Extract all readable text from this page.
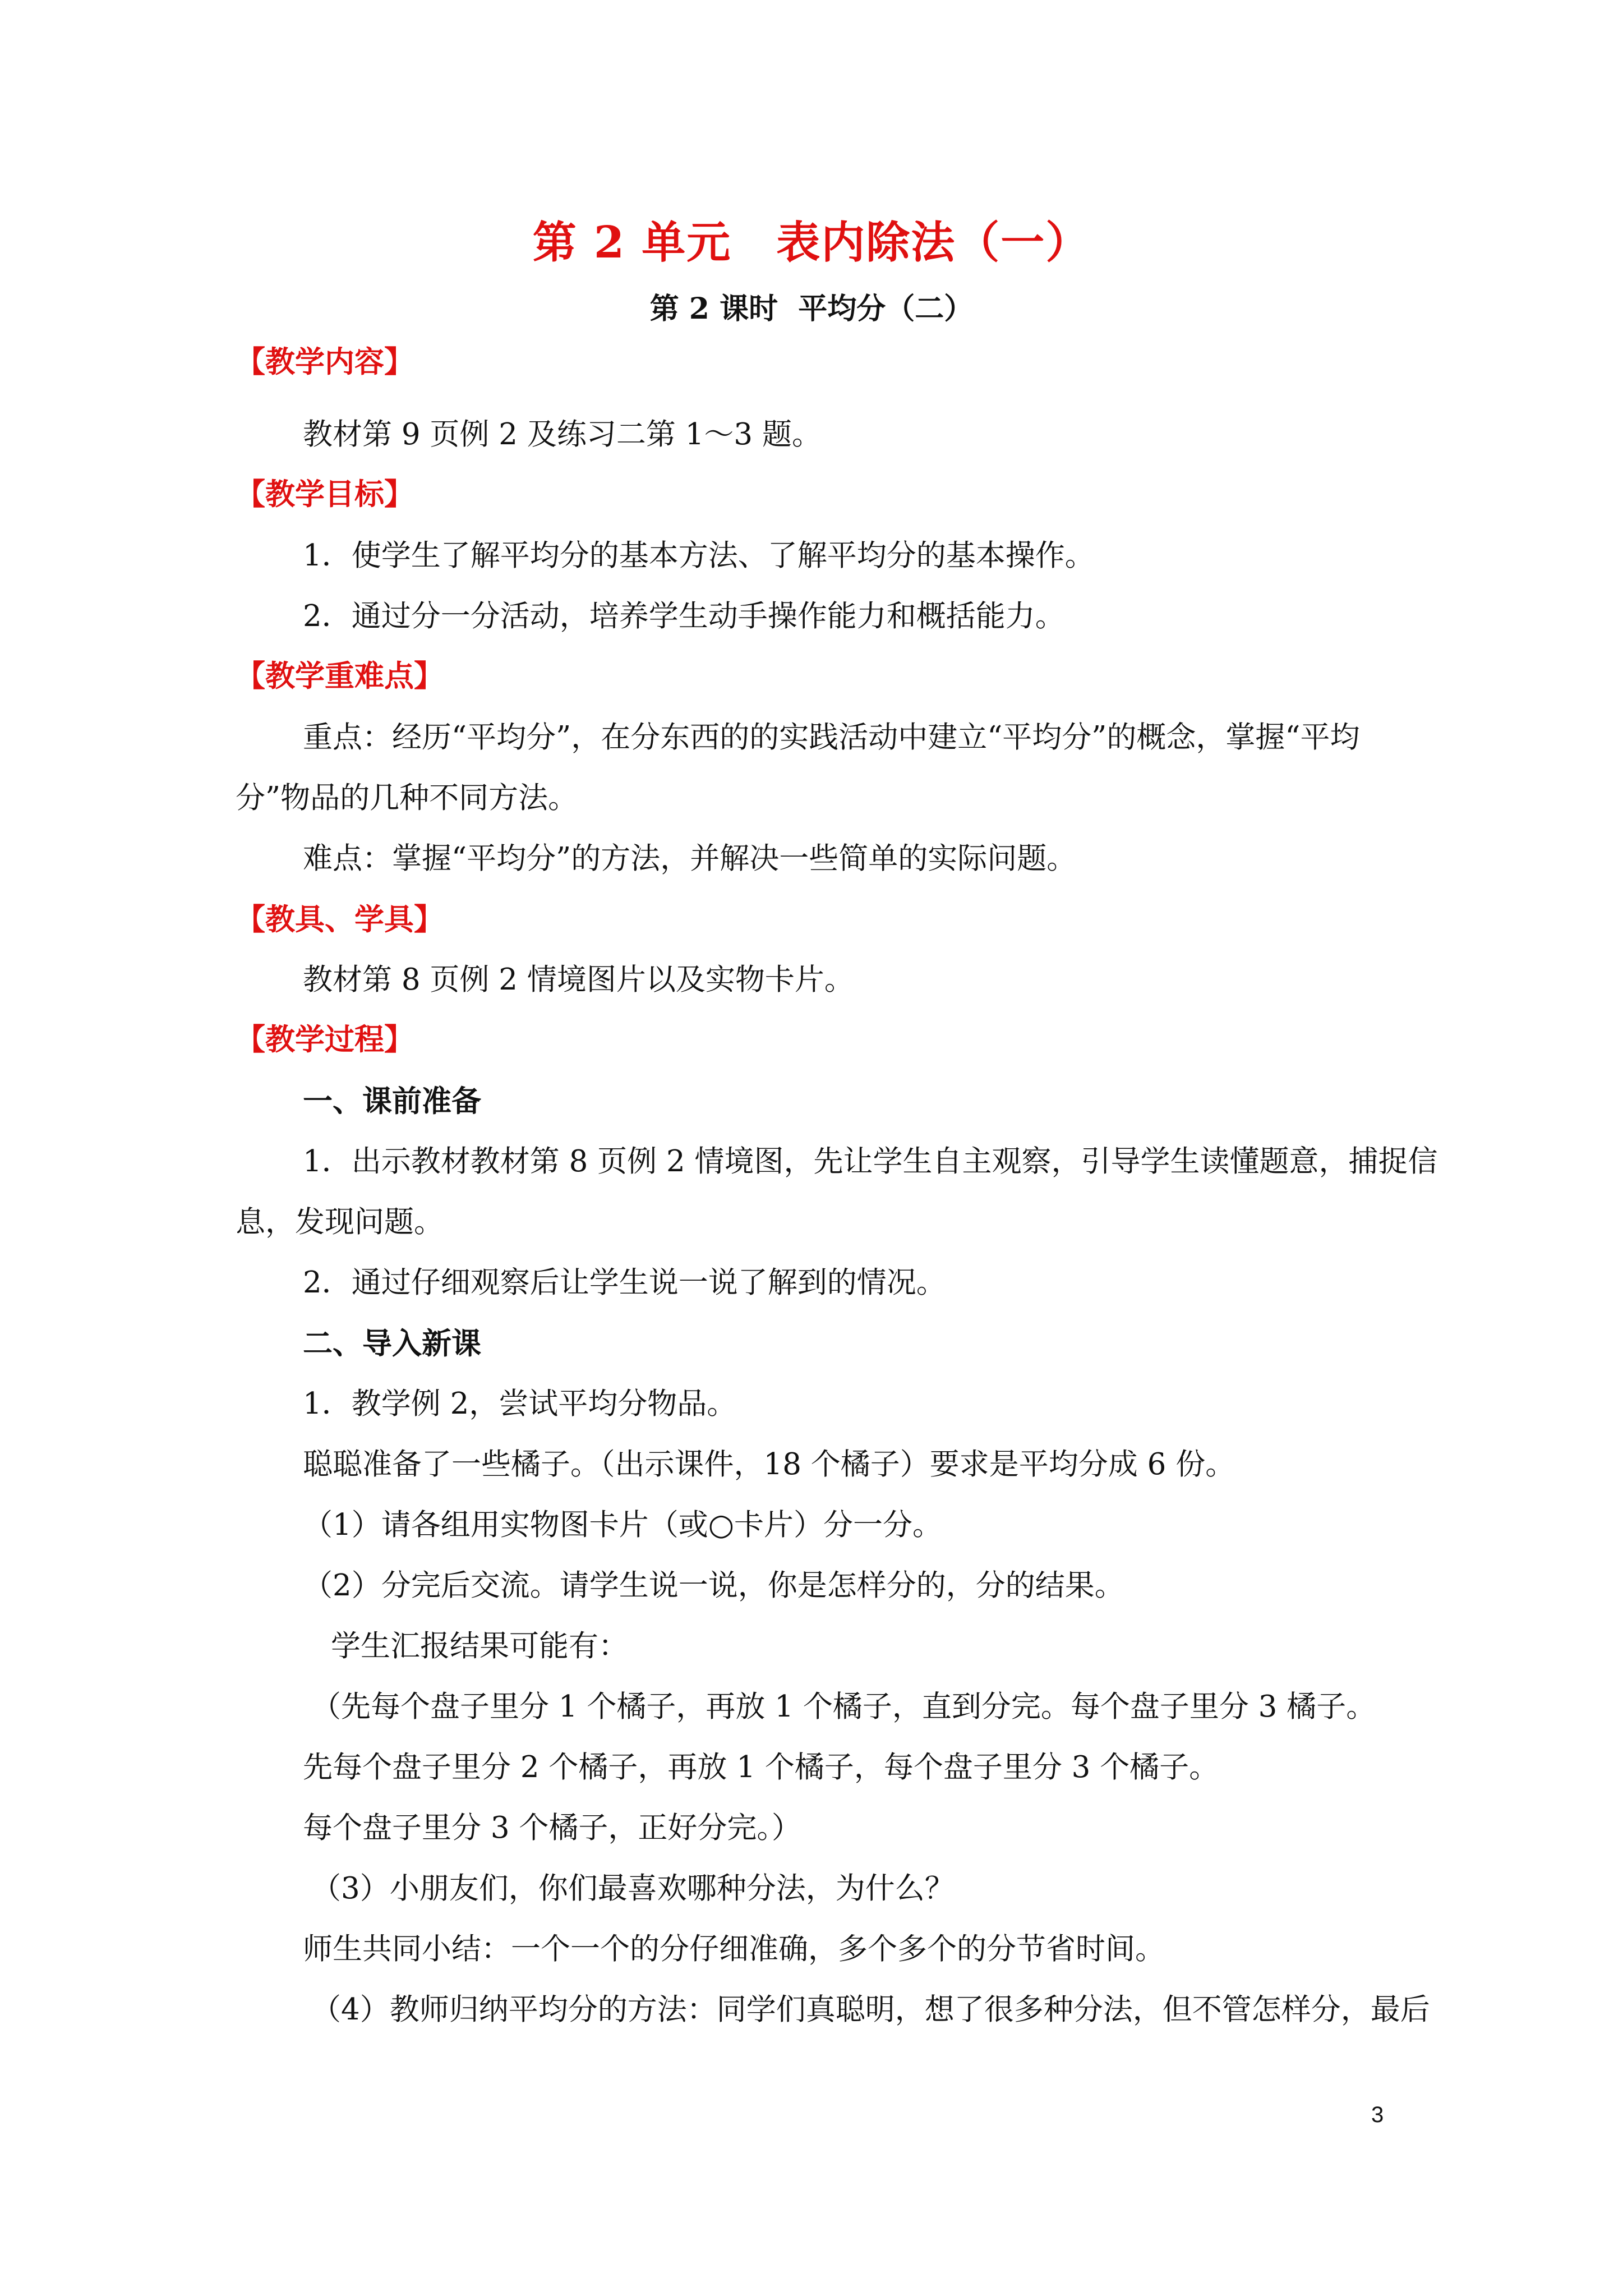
第 2 单元　表内除法（一）
第 2 课时  平均分（二）
【教学内容】
教材第 9 页例 2 及练习二第 1～3 题。
【教学目标】
1．使学生了解平均分的基本方法、了解平均分的基本操作。
2．通过分一分活动，培养学生动手操作能力和概括能力。
【教学重难点】
重点：经历“平均分”，在分东西的的实践活动中建立“平均分”的概念，掌握“平均
分”物品的几种不同方法。
难点：掌握“平均分”的方法，并解决一些简单的实际问题。
【教具、学具】
教材第 8 页例 2 情境图片以及实物卡片。
【教学过程】
一、课前准备
1．出示教材教材第 8 页例 2 情境图，先让学生自主观察，引导学生读懂题意，捕捉信
息，发现问题。
2．通过仔细观察后让学生说一说了解到的情况。
二、导入新课
1．教学例 2，尝试平均分物品。
聪聪准备了一些橘子。（出示课件，18 个橘子）要求是平均分成 6 份。
（1）请各组用实物图卡片（或○卡片）分一分。
（2）分完后交流。请学生说一说，你是怎样分的，分的结果。
学生汇报结果可能有：
（先每个盘子里分 1 个橘子，再放 1 个橘子，直到分完。每个盘子里分 3 橘子。
先每个盘子里分 2 个橘子，再放 1 个橘子，每个盘子里分 3 个橘子。
每个盘子里分 3 个橘子，正好分完。）
（3）小朋友们，你们最喜欢哪种分法，为什么？
师生共同小结：一个一个的分仔细准确，多个多个的分节省时间。
（4）教师归纳平均分的方法：同学们真聪明，想了很多种分法，但不管怎样分，最后
3
